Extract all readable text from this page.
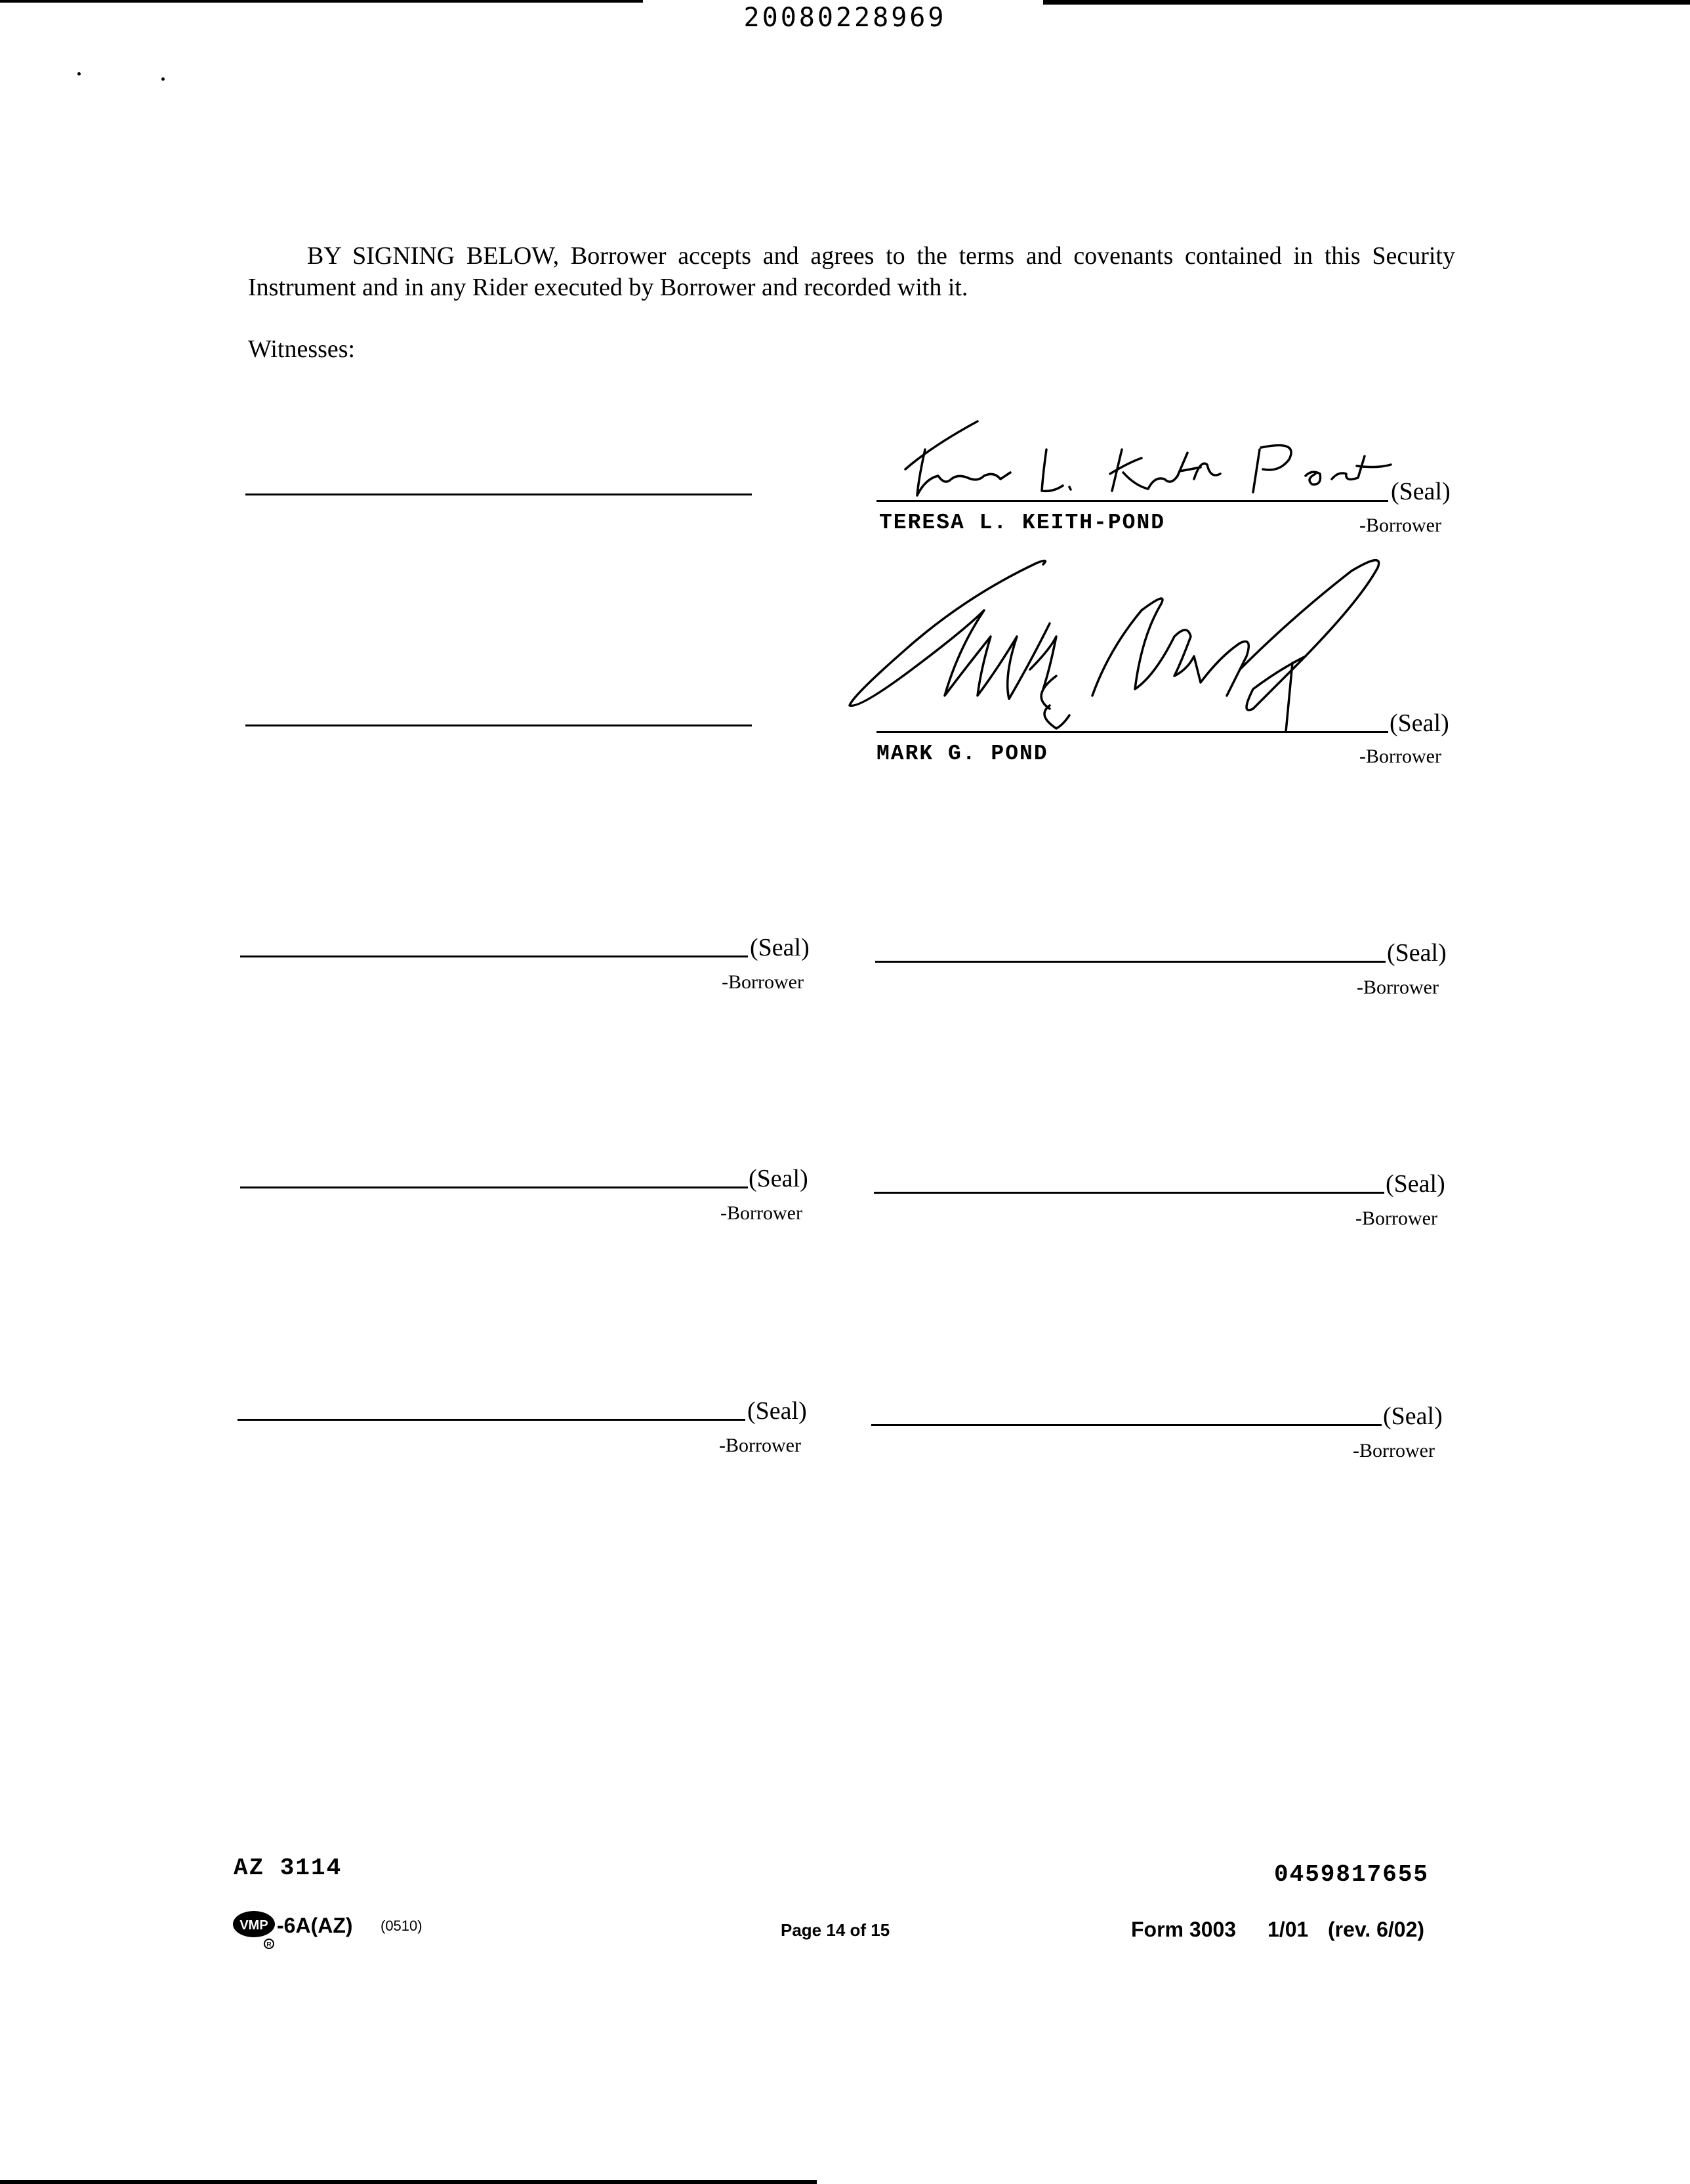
20080228969
BY SIGNING BELOW, Borrower accepts and agrees to the terms and covenants contained in this Security Instrument and in any Rider executed by Borrower and recorded with it.
Witnesses:
(Seal)
-Borrower
TERESA L. KEITH-POND
(Seal)
-Borrower
MARK G. POND
(Seal)
-Borrower
(Seal)
-Borrower
(Seal)
-Borrower
(Seal)
-Borrower
(Seal)
-Borrower
(Seal)
-Borrower
AZ 3114	0459817655
VMP
R
-6A(AZ) (0510)	Page 14 of 15	Form 3003 1/01 (rev. 6/02)
